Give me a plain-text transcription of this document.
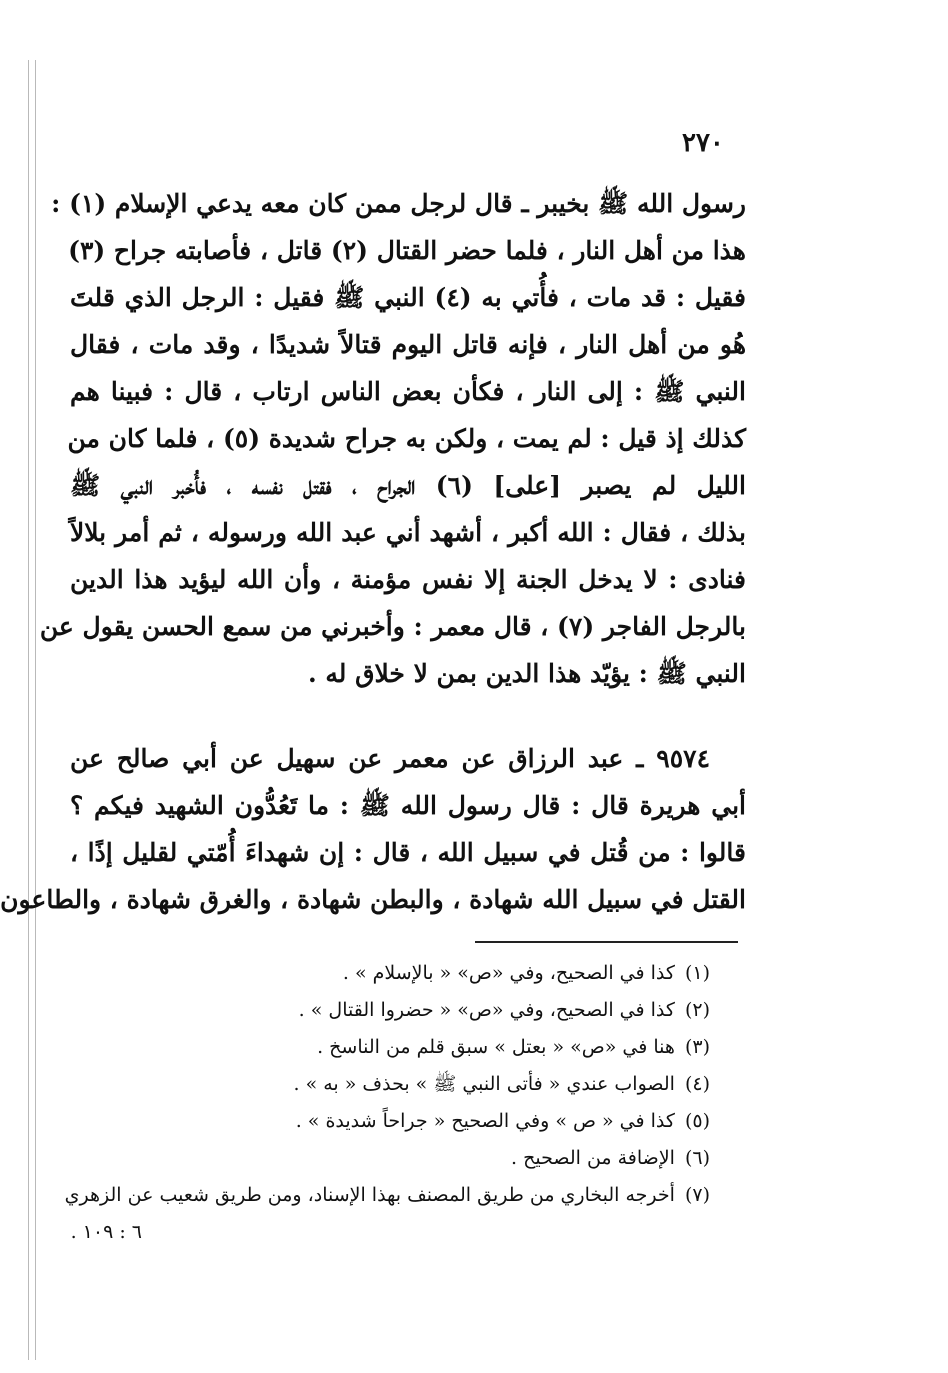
٢٧٠
رسول الله ﷺ بخيبر ـ قال لرجل ممن كان معه يدعي الإسلام (١) :
هذا من أهل النار ، فلما حضر القتال (٢) قاتل ، فأصابته جراح (٣)
فقيل : قد مات ، فأُتي به (٤) النبي ﷺ فقيل : الرجل الذي قلتَ
هُو من أهل النار ، فإنه قاتل اليوم قتالاً شديدًا ، وقد مات ، فقال
النبي ﷺ : إلى النار ، فكأن بعض الناس ارتاب ، قال : فبينا هم
كذلك إذ قيل : لم يمت ، ولكن به جراح شديدة (٥) ، فلما كان من
الليل لم يصبر [على] (٦) الجراح ، فقتل نفسه ، فأُخبر النبي ﷺ
بذلك ، فقال : الله أكبر ، أشهد أني عبد الله ورسوله ، ثم أمر بلالاً
فنادى : لا يدخل الجنة إلا نفس مؤمنة ، وأن الله ليؤيد هذا الدين
بالرجل الفاجر (٧) ، قال معمر : وأخبرني من سمع الحسن يقول عن
النبي ﷺ : يؤيّد هذا الدين بمن لا خلاق له .
٩٥٧٤ ـ عبد الرزاق عن معمر عن سهيل عن أبي صالح عن
أبي هريرة قال : قال رسول الله ﷺ : ما تَعُدُّون الشهيد فيكم ؟
قالوا : من قُتل في سبيل الله ، قال : إن شهداءَ أُمّتي لقليل إذًا ،
القتل في سبيل الله شهادة ، والبطن شهادة ، والغرق شهادة ، والطاعون
(١)كذا في الصحيح، وفي «ص» « بالإسلام » .
(٢)كذا في الصحيح، وفي «ص» « حضروا القتال » .
(٣)هنا في «ص» « بعتل » سبق قلم من الناسخ .
(٤)الصواب عندي « فأتى النبي ﷺ » بحذف « به » .
(٥)كذا في « ص » وفي الصحيح « جراحاً شديدة » .
(٦)الإضافة من الصحيح .
(٧)أخرجه البخاري من طريق المصنف بهذا الإسناد، ومن طريق شعيب عن الزهري
٦ : ١٠٩ .
